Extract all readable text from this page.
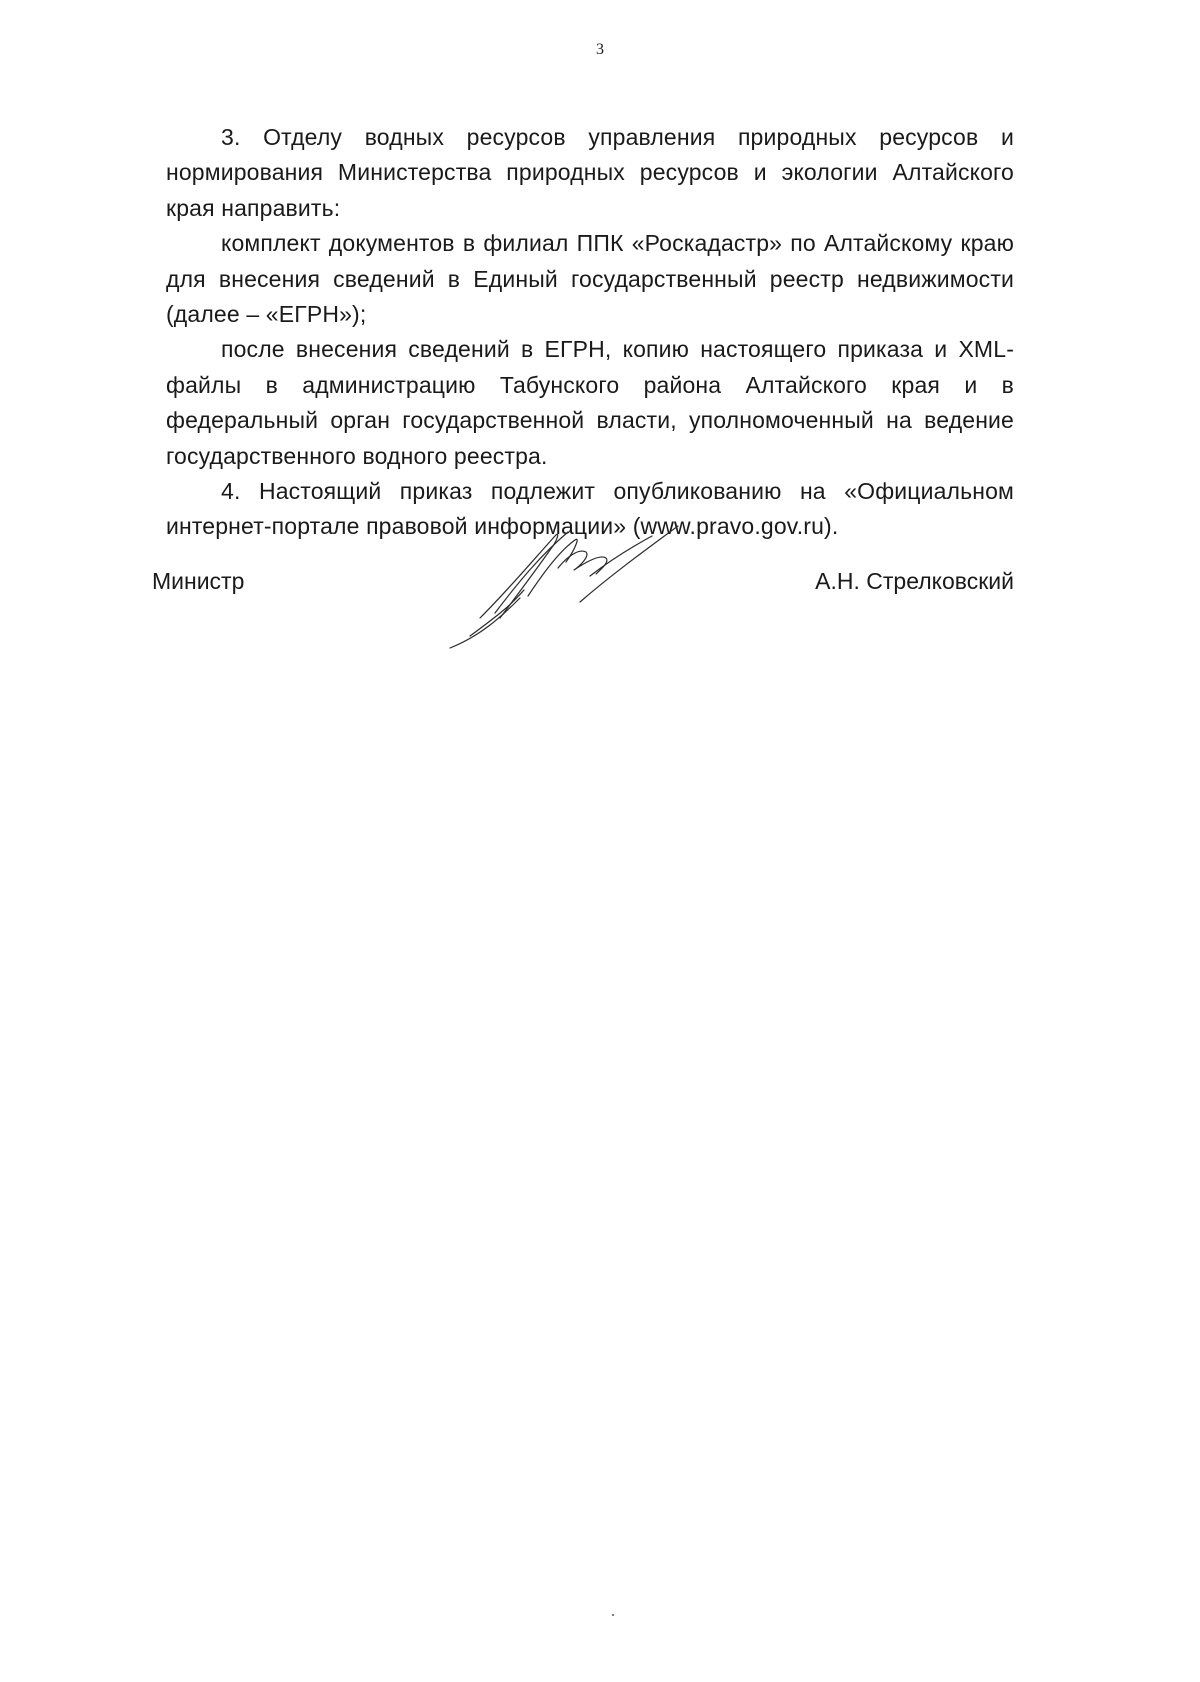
3

3. Отделу водных ресурсов управления природных ресурсов и нормирования Министерства природных ресурсов и экологии Алтайского края направить:

комплект документов в филиал ППК «Роскадастр» по Алтайскому краю для внесения сведений в Единый государственный реестр недвижимости (далее – «ЕГРН»);

после внесения сведений в ЕГРН, копию настоящего приказа и XML-файлы в администрацию Табунского района Алтайского края и в федеральный орган государственной власти, уполномоченный на ведение государственного водного реестра.

4. Настоящий приказ подлежит опубликованию на «Официальном интернет-портале правовой информации» (www.pravo.gov.ru).

Министр	А.Н. Стрелковский
